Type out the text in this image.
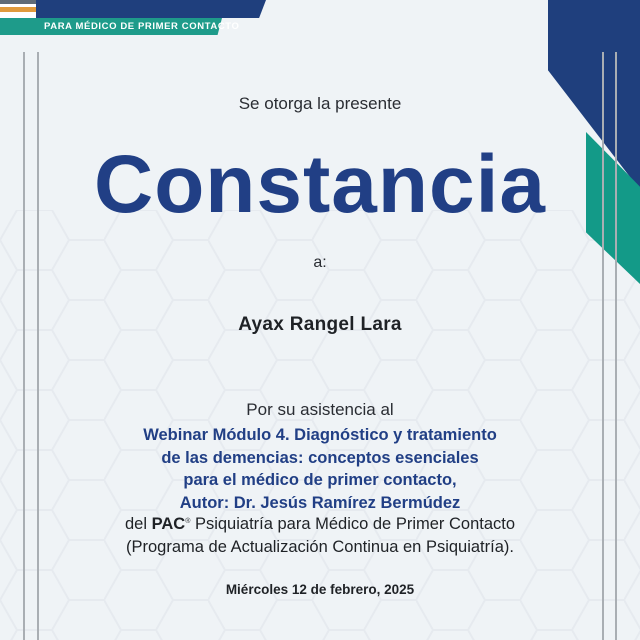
PARA MÉDICO DE PRIMER CONTACTO
Se otorga la presente
Constancia
a:
Ayax Rangel Lara
Por su asistencia al
Webinar Módulo 4. Diagnóstico y tratamiento
de las demencias: conceptos esenciales
para el médico de primer contacto,
Autor: Dr. Jesús Ramírez Bermúdez
del PAC® Psiquiatría para Médico de Primer Contacto
(Programa de Actualización Continua en Psiquiatría).
Miércoles 12 de febrero, 2025
